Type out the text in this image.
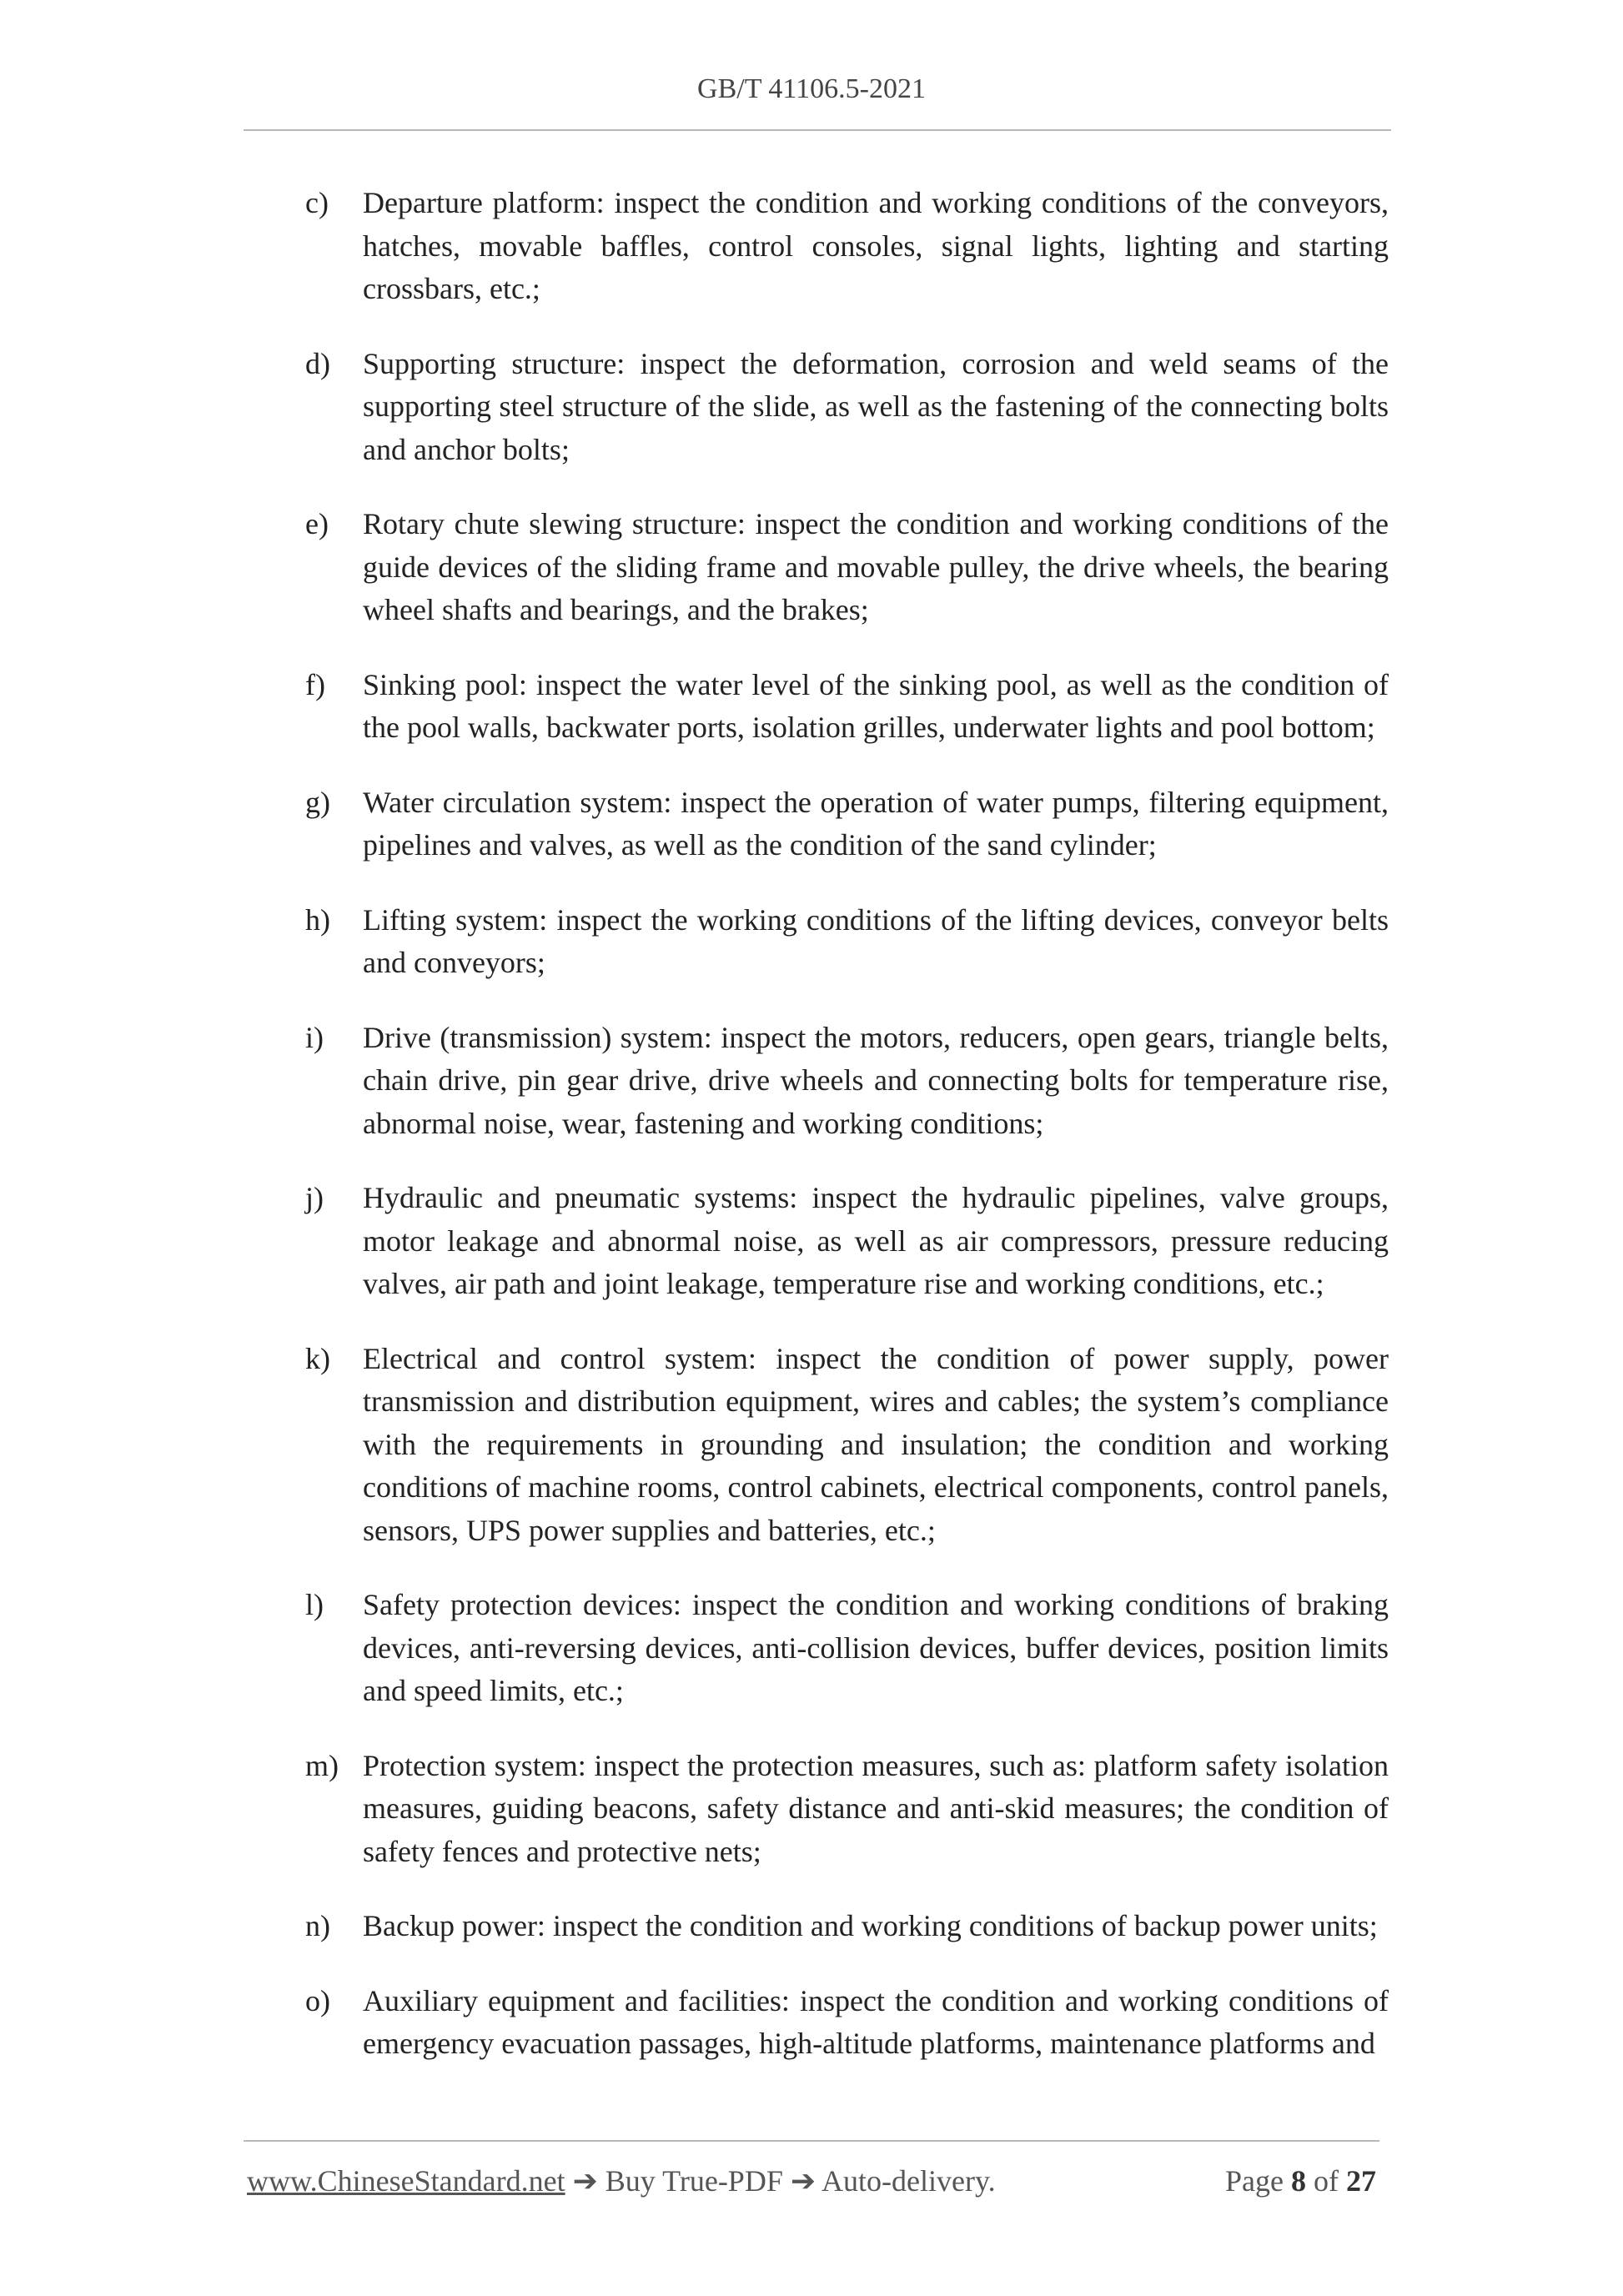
GB/T 41106.5-2021
c) Departure platform: inspect the condition and working conditions of the conveyors, hatches, movable baffles, control consoles, signal lights, lighting and starting crossbars, etc.;
d) Supporting structure: inspect the deformation, corrosion and weld seams of the supporting steel structure of the slide, as well as the fastening of the connecting bolts and anchor bolts;
e) Rotary chute slewing structure: inspect the condition and working conditions of the guide devices of the sliding frame and movable pulley, the drive wheels, the bearing wheel shafts and bearings, and the brakes;
f) Sinking pool: inspect the water level of the sinking pool, as well as the condition of the pool walls, backwater ports, isolation grilles, underwater lights and pool bottom;
g) Water circulation system: inspect the operation of water pumps, filtering equipment, pipelines and valves, as well as the condition of the sand cylinder;
h) Lifting system: inspect the working conditions of the lifting devices, conveyor belts and conveyors;
i) Drive (transmission) system: inspect the motors, reducers, open gears, triangle belts, chain drive, pin gear drive, drive wheels and connecting bolts for temperature rise, abnormal noise, wear, fastening and working conditions;
j) Hydraulic and pneumatic systems: inspect the hydraulic pipelines, valve groups, motor leakage and abnormal noise, as well as air compressors, pressure reducing valves, air path and joint leakage, temperature rise and working conditions, etc.;
k) Electrical and control system: inspect the condition of power supply, power transmission and distribution equipment, wires and cables; the system’s compliance with the requirements in grounding and insulation; the condition and working conditions of machine rooms, control cabinets, electrical components, control panels, sensors, UPS power supplies and batteries, etc.;
l) Safety protection devices: inspect the condition and working conditions of braking devices, anti-reversing devices, anti-collision devices, buffer devices, position limits and speed limits, etc.;
m) Protection system: inspect the protection measures, such as: platform safety isolation measures, guiding beacons, safety distance and anti-skid measures; the condition of safety fences and protective nets;
n) Backup power: inspect the condition and working conditions of backup power units;
o) Auxiliary equipment and facilities: inspect the condition and working conditions of emergency evacuation passages, high-altitude platforms, maintenance platforms and
www.ChineseStandard.net ➔ Buy True-PDF ➔ Auto-delivery.	Page 8 of 27
